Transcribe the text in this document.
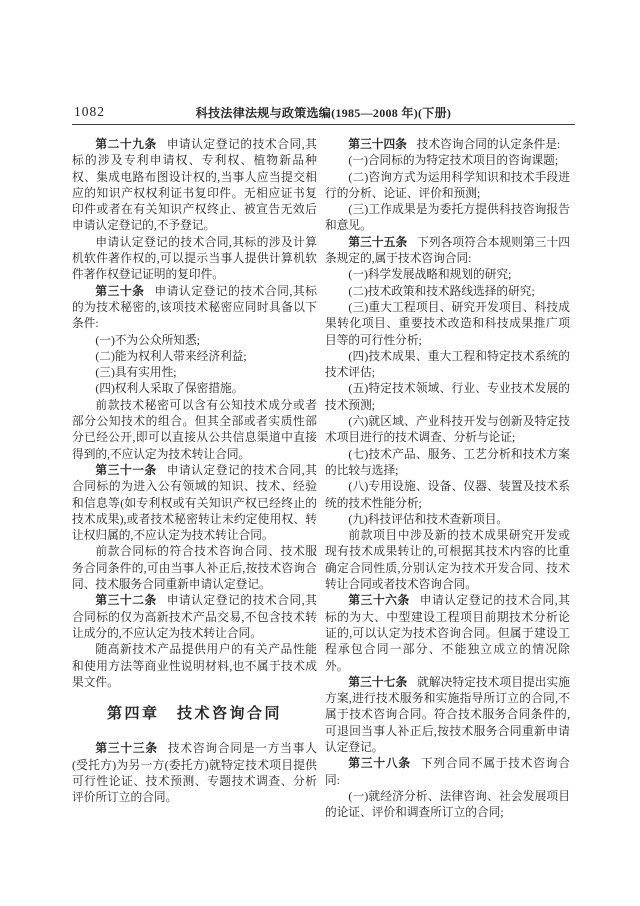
1082	科技法律法规与政策选编(1985—2008 年)(下册)
第二十九条 申请认定登记的技术合同,其标的涉及专利申请权、专利权、植物新品种权、集成电路布图设计权的,当事人应当提交相应的知识产权权利证书复印件。无相应证书复印件或者在有关知识产权终止、被宣告无效后申请认定登记的,不予登记。
申请认定登记的技术合同,其标的涉及计算机软件著作权的,可以提示当事人提供计算机软件著作权登记证明的复印件。
第三十条 申请认定登记的技术合同,其标的为技术秘密的,该项技术秘密应同时具备以下条件:
(一)不为公众所知悉;
(二)能为权利人带来经济利益;
(三)具有实用性;
(四)权利人采取了保密措施。
前款技术秘密可以含有公知技术成分或者部分公知技术的组合。但其全部或者实质性部分已经公开,即可以直接从公共信息渠道中直接得到的,不应认定为技术转让合同。
第三十一条 申请认定登记的技术合同,其合同标的为进入公有领域的知识、技术、经验和信息等(如专利权或有关知识产权已经终止的技术成果),或者技术秘密转让未约定使用权、转让权归属的,不应认定为技术转让合同。
前款合同标的符合技术咨询合同、技术服务合同条件的,可由当事人补正后,按技术咨询合同、技术服务合同重新申请认定登记。
第三十二条 申请认定登记的技术合同,其合同标的仅为高新技术产品交易,不包含技术转让成分的,不应认定为技术转让合同。
随高新技术产品提供用户的有关产品性能和使用方法等商业性说明材料,也不属于技术成果文件。
第四章　技术咨询合同
第三十三条 技术咨询合同是一方当事人(受托方)为另一方(委托方)就特定技术项目提供可行性论证、技术预测、专题技术调查、分析评价所订立的合同。
第三十四条 技术咨询合同的认定条件是:
(一)合同标的为特定技术项目的咨询课题;
(二)咨询方式为运用科学知识和技术手段进行的分析、论证、评价和预测;
(三)工作成果是为委托方提供科技咨询报告和意见。
第三十五条 下列各项符合本规则第三十四条规定的,属于技术咨询合同:
(一)科学发展战略和规划的研究;
(二)技术政策和技术路线选择的研究;
(三)重大工程项目、研究开发项目、科技成果转化项目、重要技术改造和科技成果推广项目等的可行性分析;
(四)技术成果、重大工程和特定技术系统的技术评估;
(五)特定技术领域、行业、专业技术发展的技术预测;
(六)就区域、产业科技开发与创新及特定技术项目进行的技术调查、分析与论证;
(七)技术产品、服务、工艺分析和技术方案的比较与选择;
(八)专用设施、设备、仪器、装置及技术系统的技术性能分析;
(九)科技评估和技术查新项目。
前款项目中涉及新的技术成果研究开发或现有技术成果转让的,可根据其技术内容的比重确定合同性质,分别认定为技术开发合同、技术转让合同或者技术咨询合同。
第三十六条 申请认定登记的技术合同,其标的为大、中型建设工程项目前期技术分析论证的,可以认定为技术咨询合同。但属于建设工程承包合同一部分、不能独立成立的情况除外。
第三十七条 就解决特定技术项目提出实施方案,进行技术服务和实施指导所订立的合同,不属于技术咨询合同。符合技术服务合同条件的,可退回当事人补正后,按技术服务合同重新申请认定登记。
第三十八条 下列合同不属于技术咨询合同:
(一)就经济分析、法律咨询、社会发展项目的论证、评价和调查所订立的合同;
